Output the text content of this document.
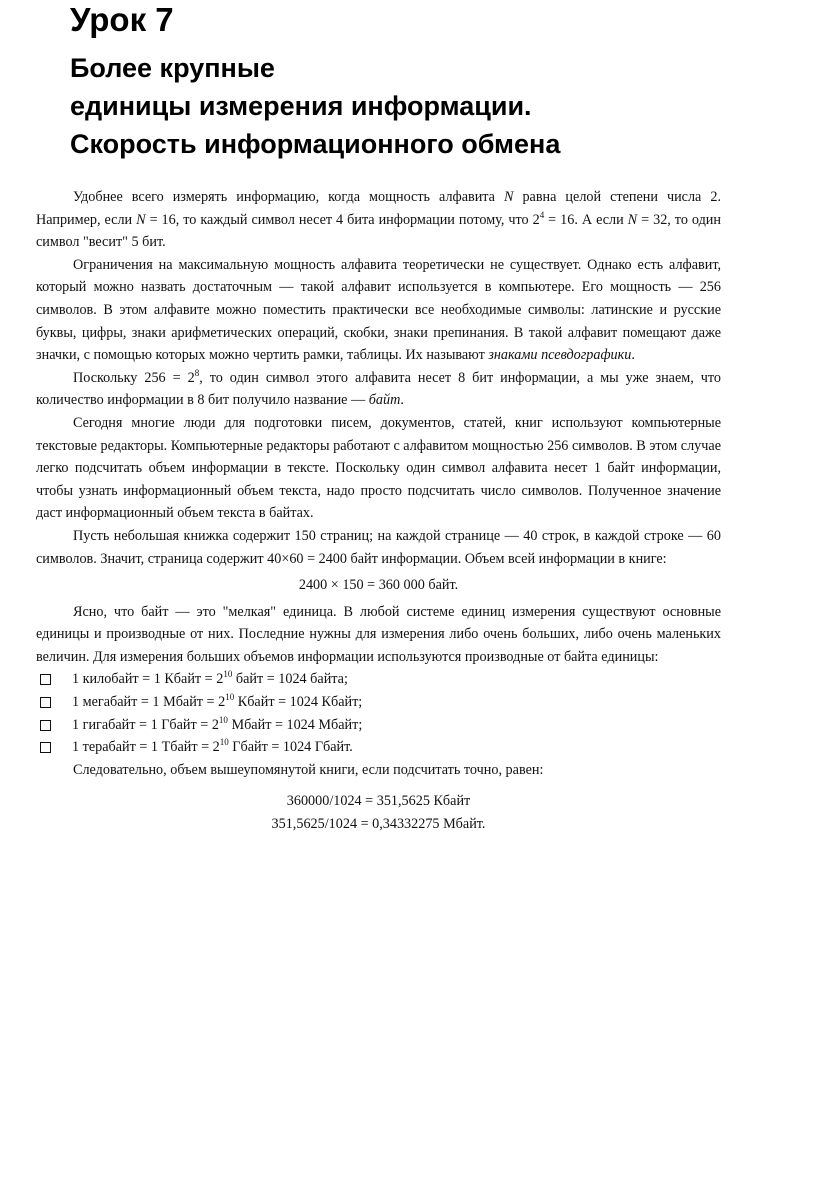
Урок 7
Более крупные
единицы измерения информации.
Скорость информационного обмена

Удобнее всего измерять информацию, когда мощность алфавита N равна целой степени числа 2. Например, если N = 16, то каждый символ несет 4 бита информации потому, что $2^4 = 16$. А если N = 32, то один символ "весит" 5 бит.

Ограничения на максимальную мощность алфавита теоретически не существует. Однако есть алфавит, который можно назвать достаточным — такой алфавит используется в компьютере. Его мощность — 256 символов. В этом алфавите можно поместить практически все необходимые символы: латинские и русские буквы, цифры, знаки арифметических операций, скобки, знаки препинания. В такой алфавит помещают даже значки, с помощью которых можно чертить рамки, таблицы. Их называют знаками псевдографики.

Поскольку $256 = 2^8$, то один символ этого алфавита несет 8 бит информации, а мы уже знаем, что количество информации в 8 бит получило название — байт.

Сегодня многие люди для подготовки писем, документов, статей, книг используют компьютерные текстовые редакторы. Компьютерные редакторы работают с алфавитом мощностью 256 символов. В этом случае легко подсчитать объем информации в тексте. Поскольку один символ алфавита несет 1 байт информации, чтобы узнать информационный объем текста, надо просто подсчитать число символов. Полученное значение даст информационный объем текста в байтах.

Пусть небольшая книжка содержит 150 страниц; на каждой странице — 40 строк, в каждой строке — 60 символов. Значит, страница содержит 40×60 = 2400 байт информации. Объем всей информации в книге:

2400 × 150 = 360 000 байт.

Ясно, что байт — это "мелкая" единица. В любой системе единиц измерения существуют основные единицы и производные от них. Последние нужны для измерения либо очень больших, либо очень маленьких величин. Для измерения больших объемов информации используются производные от байта единицы:

1 килобайт = 1 Кбайт = $2^{10}$ байт = 1024 байта;
1 мегабайт = 1 Мбайт = $2^{10}$ Кбайт = 1024 Кбайт;
1 гигабайт = 1 Гбайт = $2^{10}$ Мбайт = 1024 Мбайт;
1 терабайт = 1 Тбайт = $2^{10}$ Гбайт = 1024 Гбайт.

Следовательно, объем вышеупомянутой книги, если подсчитать точно, равен:

360000/1024 = 351,5625 Кбайт
351,5625/1024 = 0,34332275 Мбайт.
